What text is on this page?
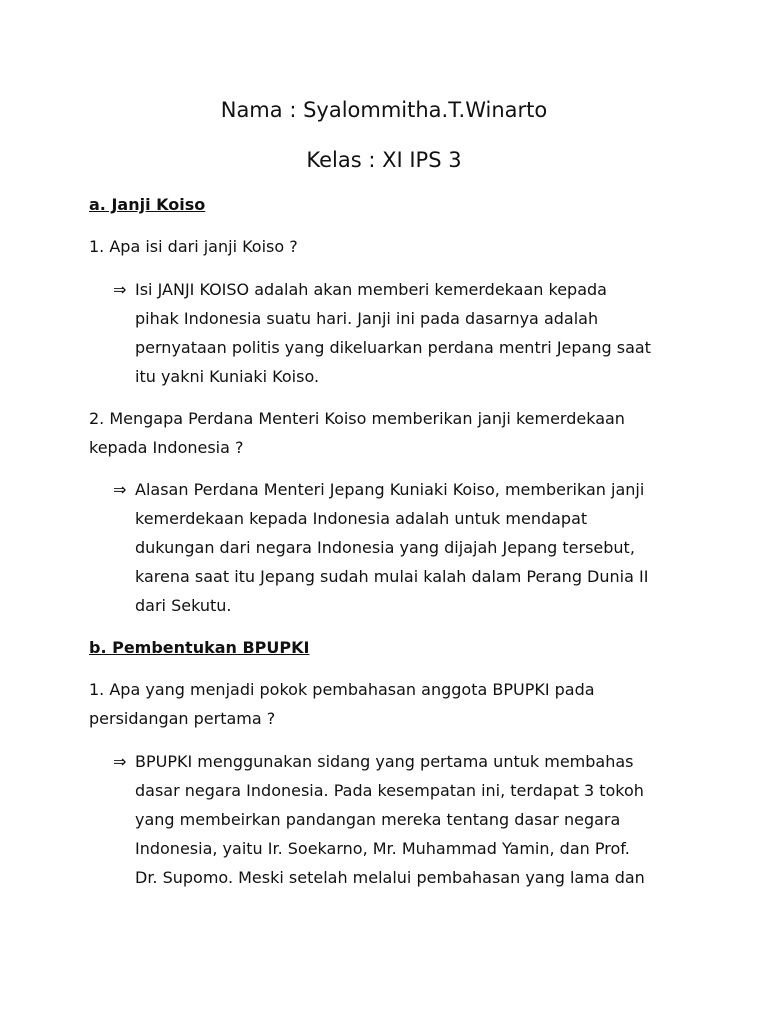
Nama : Syalommitha.T.Winarto
Kelas : XI IPS 3
a. Janji Koiso
1. Apa isi dari janji Koiso ?
⇒ Isi JANJI KOISO adalah akan memberi kemerdekaan kepada
pihak Indonesia suatu hari. Janji ini pada dasarnya adalah
pernyataan politis yang dikeluarkan perdana mentri Jepang saat
itu yakni Kuniaki Koiso.
2. Mengapa Perdana Menteri Koiso memberikan janji kemerdekaan
kepada Indonesia ?
⇒ Alasan Perdana Menteri Jepang Kuniaki Koiso, memberikan janji
kemerdekaan kepada Indonesia adalah untuk mendapat
dukungan dari negara Indonesia yang dijajah Jepang tersebut,
karena saat itu Jepang sudah mulai kalah dalam Perang Dunia II
dari Sekutu.
b. Pembentukan BPUPKI
1. Apa yang menjadi pokok pembahasan anggota BPUPKI pada
persidangan pertama ?
⇒ BPUPKI menggunakan sidang yang pertama untuk membahas
dasar negara Indonesia. Pada kesempatan ini, terdapat 3 tokoh
yang membeirkan pandangan mereka tentang dasar negara
Indonesia, yaitu Ir. Soekarno, Mr. Muhammad Yamin, dan Prof.
Dr. Supomo. Meski setelah melalui pembahasan yang lama dan
